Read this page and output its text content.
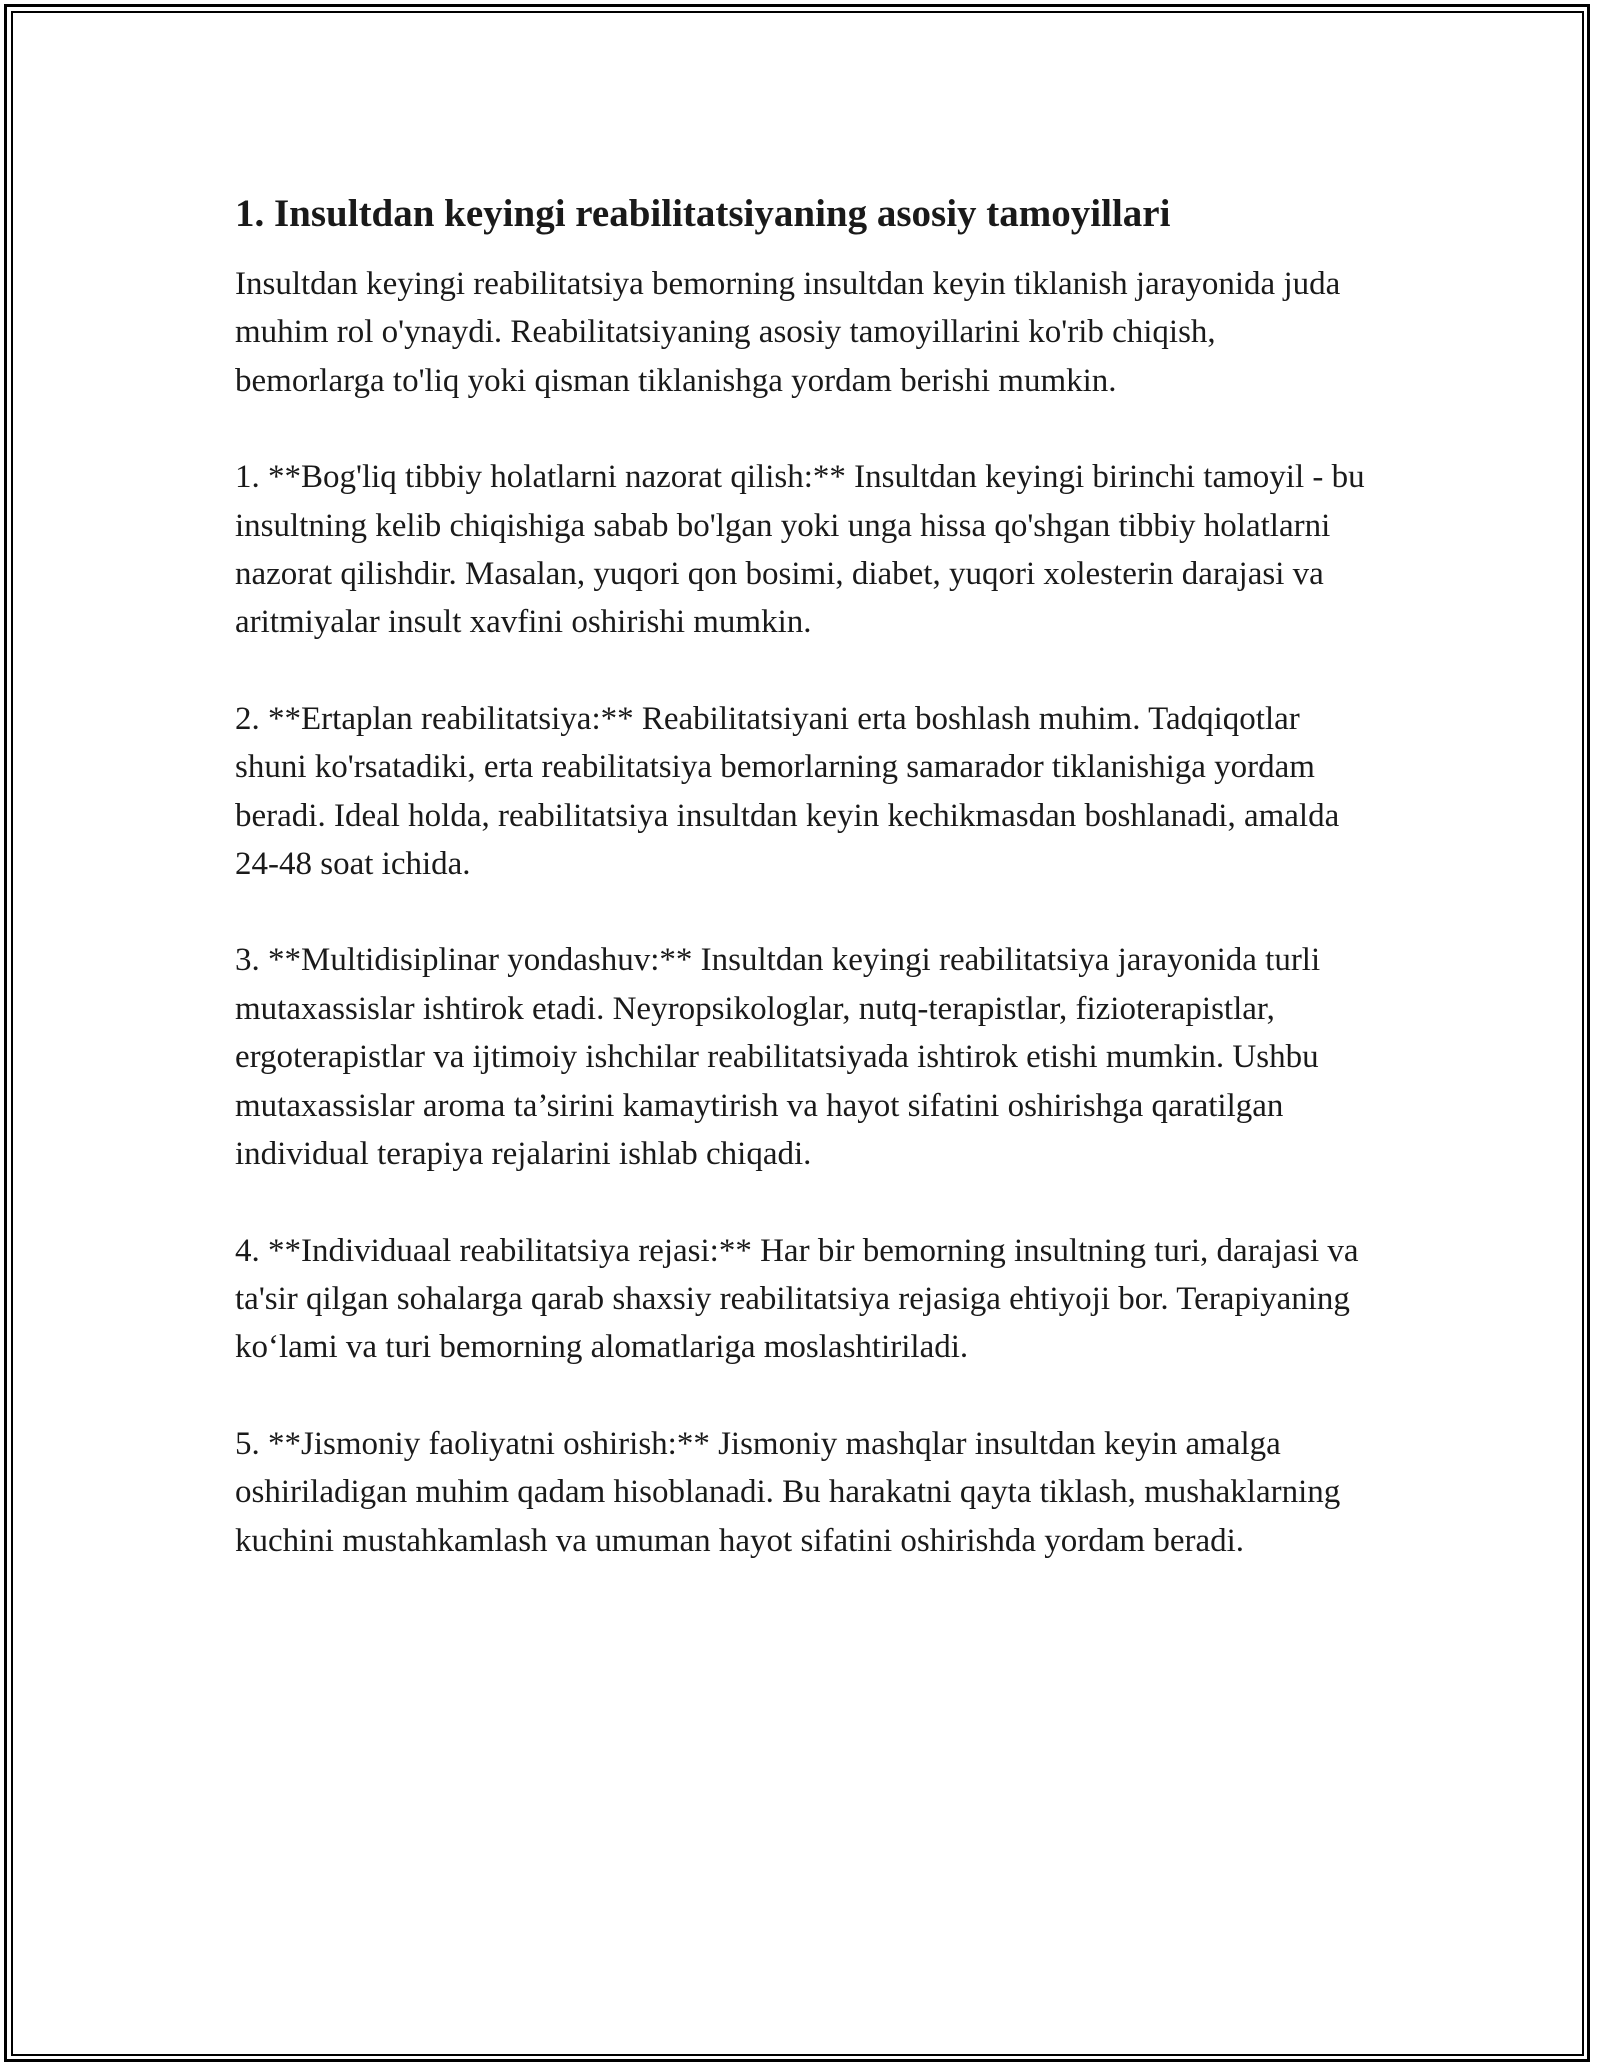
1. Insultdan keyingi reabilitatsiyaning asosiy tamoyillari

Insultdan keyingi reabilitatsiya bemorning insultdan keyin tiklanish jarayonida juda muhim rol o'ynaydi. Reabilitatsiyaning asosiy tamoyillarini ko'rib chiqish, bemorlarga to'liq yoki qisman tiklanishga yordam berishi mumkin.

1. **Bog'liq tibbiy holatlarni nazorat qilish:** Insultdan keyingi birinchi tamoyil - bu insultning kelib chiqishiga sabab bo'lgan yoki unga hissa qo'shgan tibbiy holatlarni nazorat qilishdir. Masalan, yuqori qon bosimi, diabet, yuqori xolesterin darajasi va aritmiyalar insult xavfini oshirishi mumkin.

2. **Ertaplan reabilitatsiya:** Reabilitatsiyani erta boshlash muhim. Tadqiqotlar shuni ko'rsatadiki, erta reabilitatsiya bemorlarning samarador tiklanishiga yordam beradi. Ideal holda, reabilitatsiya insultdan keyin kechikmasdan boshlanadi, amalda 24-48 soat ichida.

3. **Multidisiplinar yondashuv:** Insultdan keyingi reabilitatsiya jarayonida turli mutaxassislar ishtirok etadi. Neyropsikologlar, nutq-terapistlar, fizioterapistlar, ergoterapistlar va ijtimoiy ishchilar reabilitatsiyada ishtirok etishi mumkin. Ushbu mutaxassislar aroma ta’sirini kamaytirish va hayot sifatini oshirishga qaratilgan individual terapiya rejalarini ishlab chiqadi.

4. **Individuaal reabilitatsiya rejasi:** Har bir bemorning insultning turi, darajasi va ta'sir qilgan sohalarga qarab shaxsiy reabilitatsiya rejasiga ehtiyoji bor. Terapiyaning ko‘lami va turi bemorning alomatlariga moslashtiriladi.

5. **Jismoniy faoliyatni oshirish:** Jismoniy mashqlar insultdan keyin amalga oshiriladigan muhim qadam hisoblanadi. Bu harakatni qayta tiklash, mushaklarning kuchini mustahkamlash va umuman hayot sifatini oshirishda yordam beradi.
